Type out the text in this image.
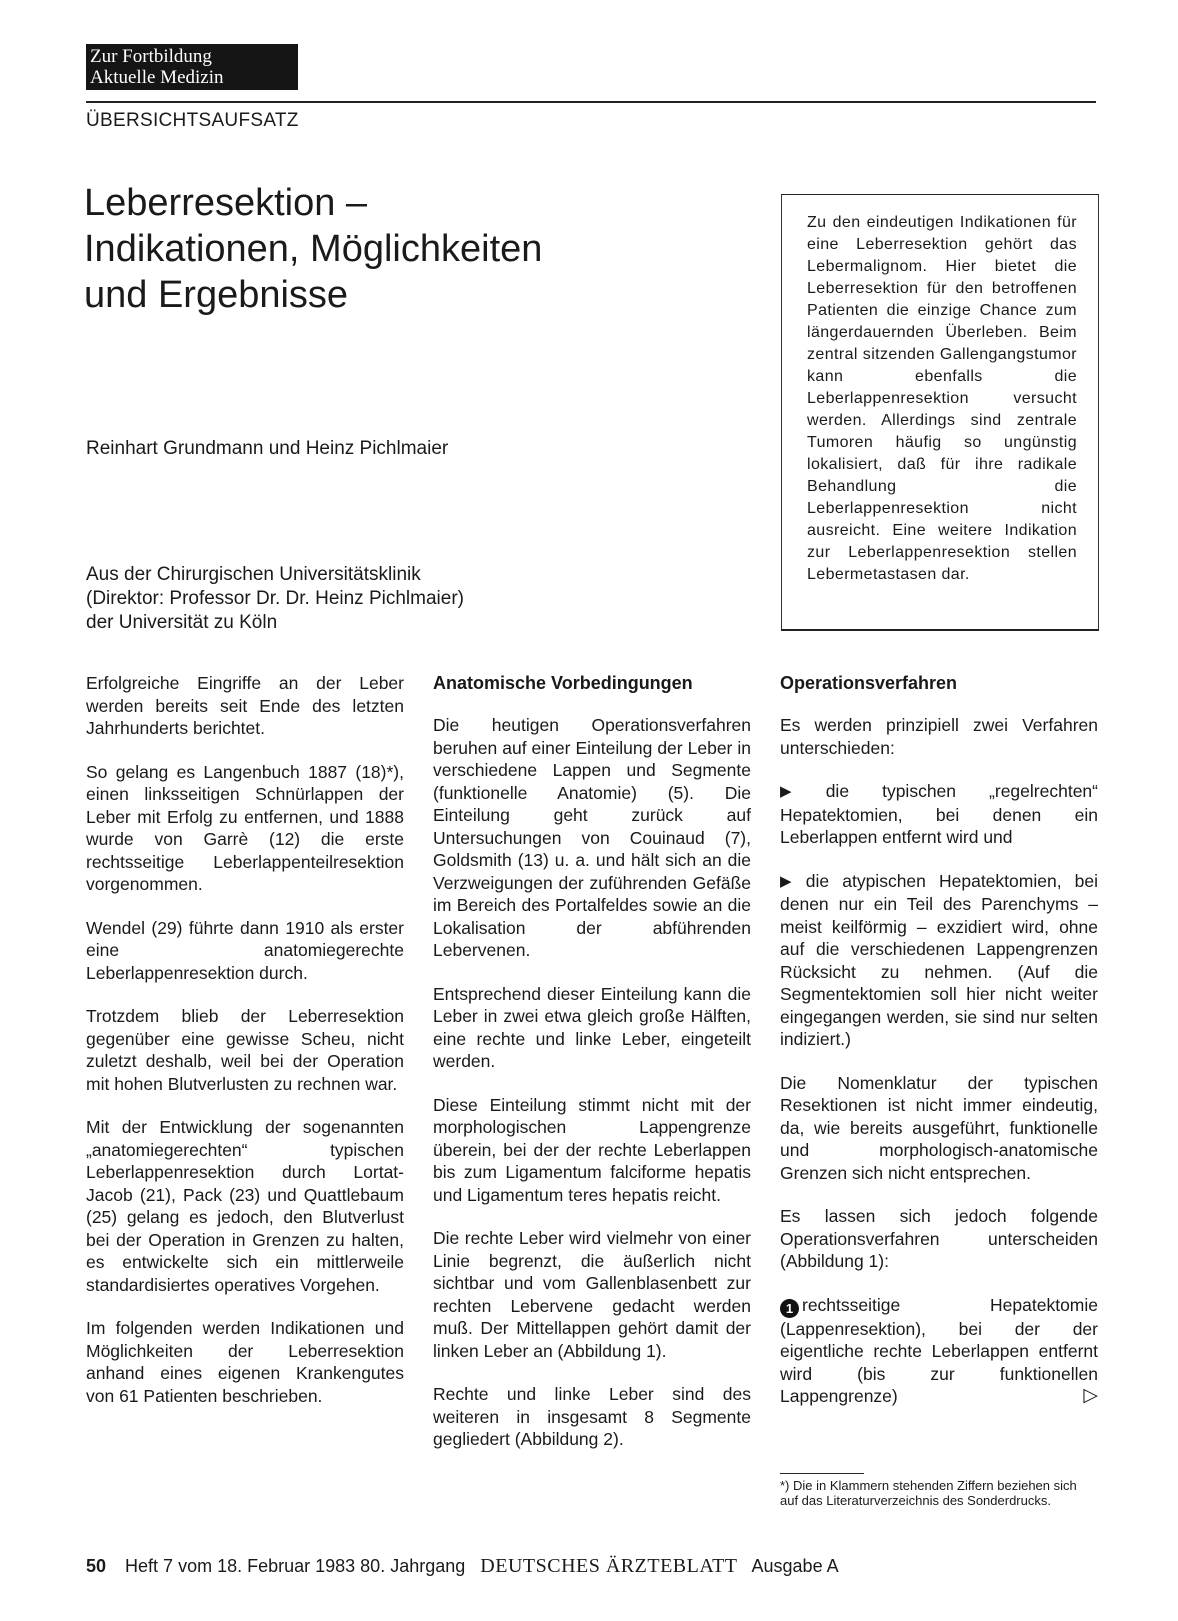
Zur Fortbildung
Aktuelle Medizin
ÜBERSICHTSAUFSATZ
Leberresektion –
Indikationen, Möglichkeiten
und Ergebnisse
Reinhart Grundmann und Heinz Pichlmaier
Aus der Chirurgischen Universitätsklinik
(Direktor: Professor Dr. Dr. Heinz Pichlmaier)
der Universität zu Köln

Zu den eindeutigen Indikationen für eine Leberresektion gehört das Lebermalignom. Hier bietet die Leberresektion für den betroffenen Patienten die einzige Chance zum längerdauernden Überleben. Beim zentral sitzenden Gallengangstumor kann ebenfalls die Leberlappenresektion versucht werden. Allerdings sind zentrale Tumoren häufig so ungünstig lokalisiert, daß für ihre radikale Behandlung die Leberlappenresektion nicht ausreicht. Eine weitere Indikation zur Leberlappenresektion stellen Lebermetastasen dar.

Erfolgreiche Eingriffe an der Leber werden bereits seit Ende des letzten Jahrhunderts berichtet.

So gelang es Langenbuch 1887 (18)*), einen linksseitigen Schnürlappen der Leber mit Erfolg zu entfernen, und 1888 wurde von Garrè (12) die erste rechtsseitige Leberlappenteilresektion vorgenommen.

Wendel (29) führte dann 1910 als erster eine anatomiegerechte Leberlappenresektion durch.

Trotzdem blieb der Leberresektion gegenüber eine gewisse Scheu, nicht zuletzt deshalb, weil bei der Operation mit hohen Blutverlusten zu rechnen war.

Mit der Entwicklung der sogenannten „anatomiegerechten“ typischen Leberlappenresektion durch Lortat-Jacob (21), Pack (23) und Quattlebaum (25) gelang es jedoch, den Blutverlust bei der Operation in Grenzen zu halten, es entwickelte sich ein mittlerweile standardisiertes operatives Vorgehen.

Im folgenden werden Indikationen und Möglichkeiten der Leberresektion anhand eines eigenen Krankengutes von 61 Patienten beschrieben.

Anatomische Vorbedingungen

Die heutigen Operationsverfahren beruhen auf einer Einteilung der Leber in verschiedene Lappen und Segmente (funktionelle Anatomie) (5). Die Einteilung geht zurück auf Untersuchungen von Couinaud (7), Goldsmith (13) u. a. und hält sich an die Verzweigungen der zuführenden Gefäße im Bereich des Portalfeldes sowie an die Lokalisation der abführenden Lebervenen.

Entsprechend dieser Einteilung kann die Leber in zwei etwa gleich große Hälften, eine rechte und linke Leber, eingeteilt werden.

Diese Einteilung stimmt nicht mit der morphologischen Lappengrenze überein, bei der der rechte Leberlappen bis zum Ligamentum falciforme hepatis und Ligamentum teres hepatis reicht.

Die rechte Leber wird vielmehr von einer Linie begrenzt, die äußerlich nicht sichtbar und vom Gallenblasenbett zur rechten Lebervene gedacht werden muß. Der Mittellappen gehört damit der linken Leber an (Abbildung 1).

Rechte und linke Leber sind des weiteren in insgesamt 8 Segmente gegliedert (Abbildung 2).

Operationsverfahren

Es werden prinzipiell zwei Verfahren unterschieden:

▶ die typischen „regelrechten“ Hepatektomien, bei denen ein Leberlappen entfernt wird und

▶ die atypischen Hepatektomien, bei denen nur ein Teil des Parenchyms – meist keilförmig – exzidiert wird, ohne auf die verschiedenen Lappengrenzen Rücksicht zu nehmen. (Auf die Segmentektomien soll hier nicht weiter eingegangen werden, sie sind nur selten indiziert.)

Die Nomenklatur der typischen Resektionen ist nicht immer eindeutig, da, wie bereits ausgeführt, funktionelle und morphologisch-anatomische Grenzen sich nicht entsprechen.

Es lassen sich jedoch folgende Operationsverfahren unterscheiden (Abbildung 1):

1 rechtsseitige Hepatektomie (Lappenresektion), bei der der eigentliche rechte Leberlappen entfernt wird (bis zur funktionellen Lappengrenze)	▷

*) Die in Klammern stehenden Ziffern beziehen sich auf das Literaturverzeichnis des Sonderdrucks.
50 Heft 7 vom 18. Februar 1983 80. Jahrgang DEUTSCHES ÄRZTEBLATT Ausgabe A
